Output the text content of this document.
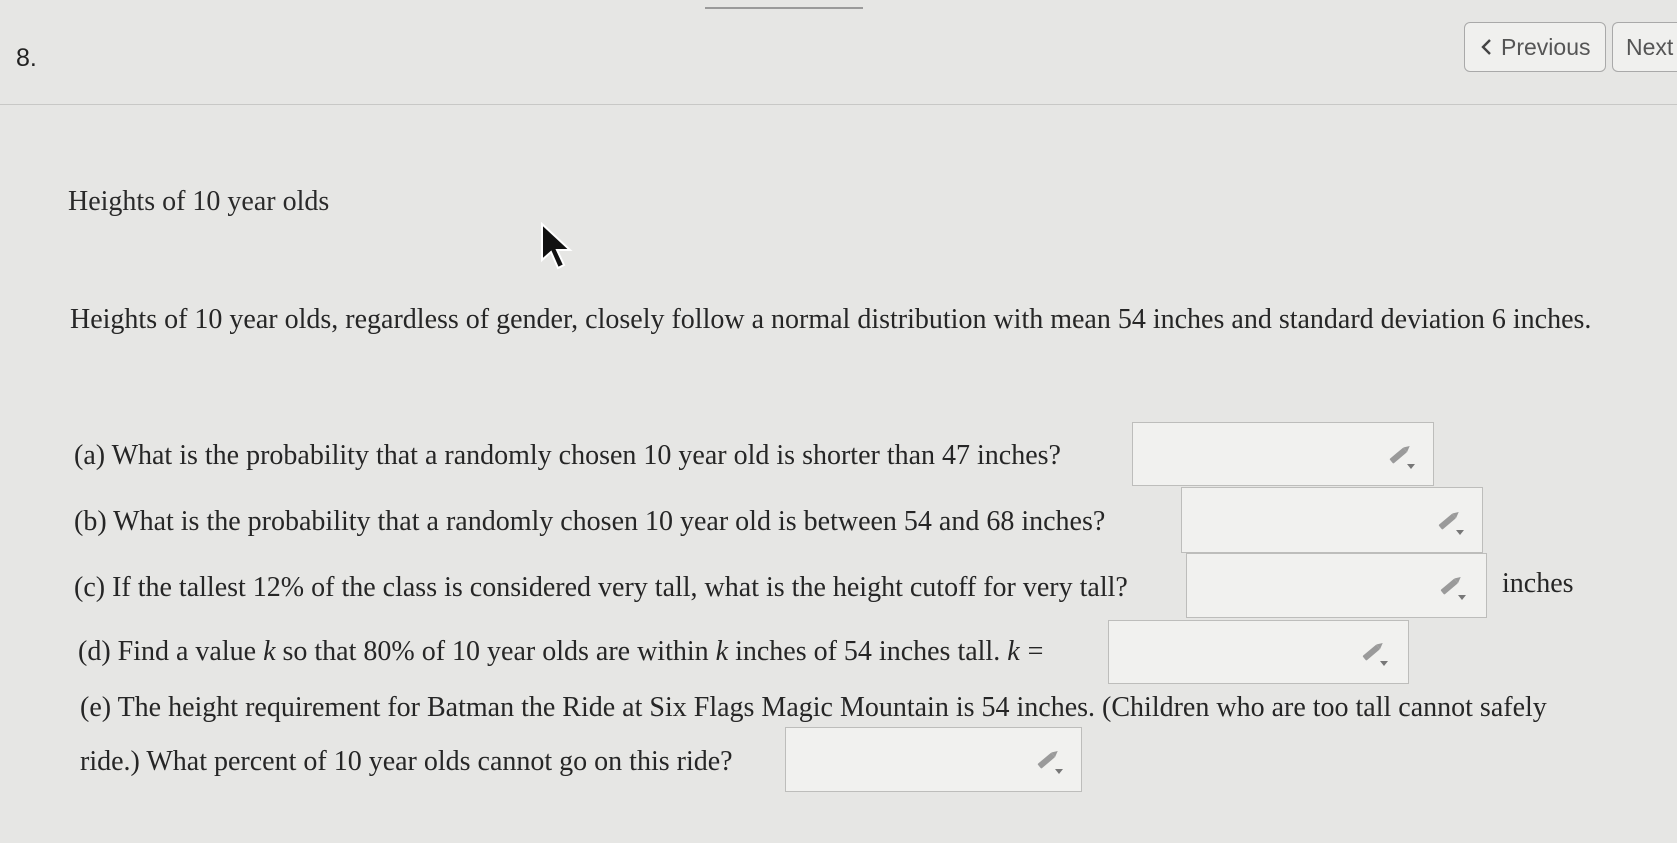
8.	Previous Next
Heights of 10 year olds
Heights of 10 year olds, regardless of gender, closely follow a normal distribution with mean 54 inches and standard deviation 6 inches.
(a) What is the probability that a randomly chosen 10 year old is shorter than 47 inches?
(b) What is the probability that a randomly chosen 10 year old is between 54 and 68 inches?
(c) If the tallest 12% of the class is considered very tall, what is the height cutoff for very tall?	inches
(d) Find a value k so that 80% of 10 year olds are within k inches of 54 inches tall. k =
(e) The height requirement for Batman the Ride at Six Flags Magic Mountain is 54 inches. (Children who are too tall cannot safely
ride.) What percent of 10 year olds cannot go on this ride?
